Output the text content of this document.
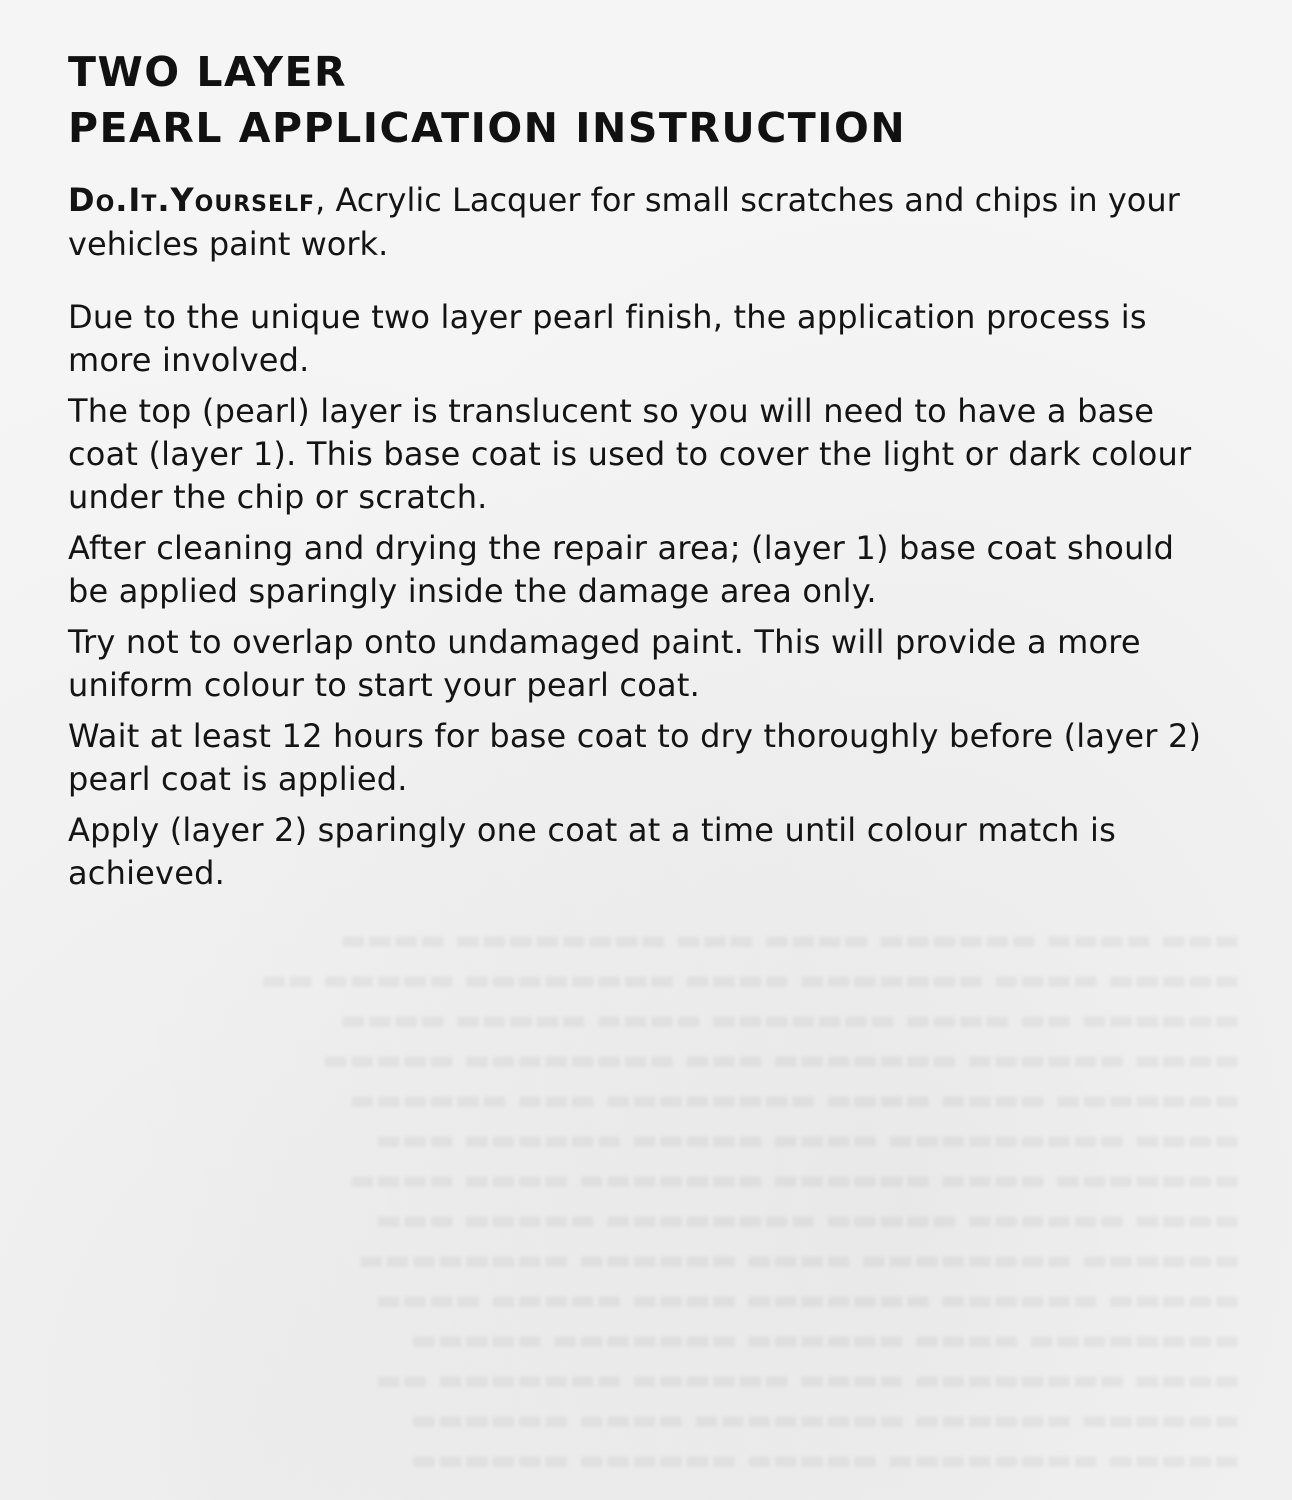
TWO LAYER
PEARL APPLICATION INSTRUCTION

Do.It.Yourself, Acrylic Lacquer for small scratches and chips in your vehicles paint work.

Due to the unique two layer pearl finish, the application process is more involved.

The top (pearl) layer is translucent so you will need to have a base coat (layer 1). This base coat is used to cover the light or dark colour under the chip or scratch.

After cleaning and drying the repair area; (layer 1) base coat should be applied sparingly inside the damage area only.

Try not to overlap onto undamaged paint. This will provide a more uniform colour to start your pearl coat.

Wait at least 12 hours for base coat to dry thoroughly before (layer 2) pearl coat is applied.

Apply (layer 2) sparingly one coat at a time until colour match is achieved.
